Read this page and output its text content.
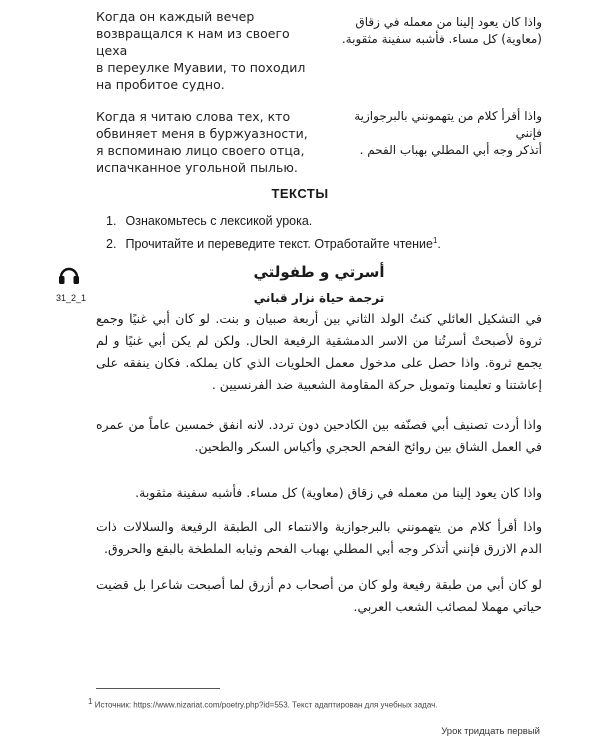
Когда он каждый вечер
возвращался к нам из своего цеха
в переулке Муавии, то походил
на пробитое судно.
واذا كان يعود إلينا من معمله في زقاق
(معاوية) كل مساء. فأشبه سفينة مثقوبة.
Когда я читаю слова тех, кто
обвиняет меня в буржуазности,
я вспоминаю лицо своего отца,
испачканное угольной пылью.
واذا أقرأ كلام من يتهمونني بالبرجوازية فإنني
أتذكر وجه أبي المطلي بهباب الفحم .
ТЕКСТЫ
1. Ознакомьтесь с лексикой урока.
2. Прочитайте и переведите текст. Отработайте чтение$^1$.
31_2_1
أسرتي و طفولتي
ترجمة حياة نزار قباني

في التشكيل العائلي كنتُ الولد الثاني بين أربعة صبيان و بنت. لو كان أبي غنيًا وجمع ثروة لأصبحتْ أسرتُنا من الاسر الدمشقية الرفيعة الحال. ولكن لم يكن أبي غنيًا و لم يجمع ثروة. واذا حصل على مدخول معمل الحلويات الذي كان يملكه. فكان ينفقه على إعاشتنا و تعليمنا وتمويل حركة المقاومة الشعبية ضد الفرنسيين .

واذا أردت تصنيف أبي فصنّفه بين الكادحين دون تردد. لانه انفق خمسين عاماً من عمره في العمل الشاق بين روائح الفحم الحجري وأكياس السكر والطحين.

واذا كان يعود إلينا من معمله في زقاق (معاوية) كل مساء. فأشبه سفينة مثقوبة.

واذا أقرأ كلام من يتهمونني بالبرجوازية والانتماء الى الطبقة الرفيعة والسلالات ذات الدم الازرق فإنني أتذكر وجه أبي المطلي بهباب الفحم وثيابه الملطخة بالبقع والحروق.

لو كان أبي من طبقة رفيعة ولو كان من أصحاب دم أزرق لما أصبحت شاعرا بل قضيت حياتي مهملا لمصائب الشعب العربي.

1 Источник: https://www.nizariat.com/poetry.php?id=553. Текст адаптирован для учебных задач.
Урок тридцать первый
